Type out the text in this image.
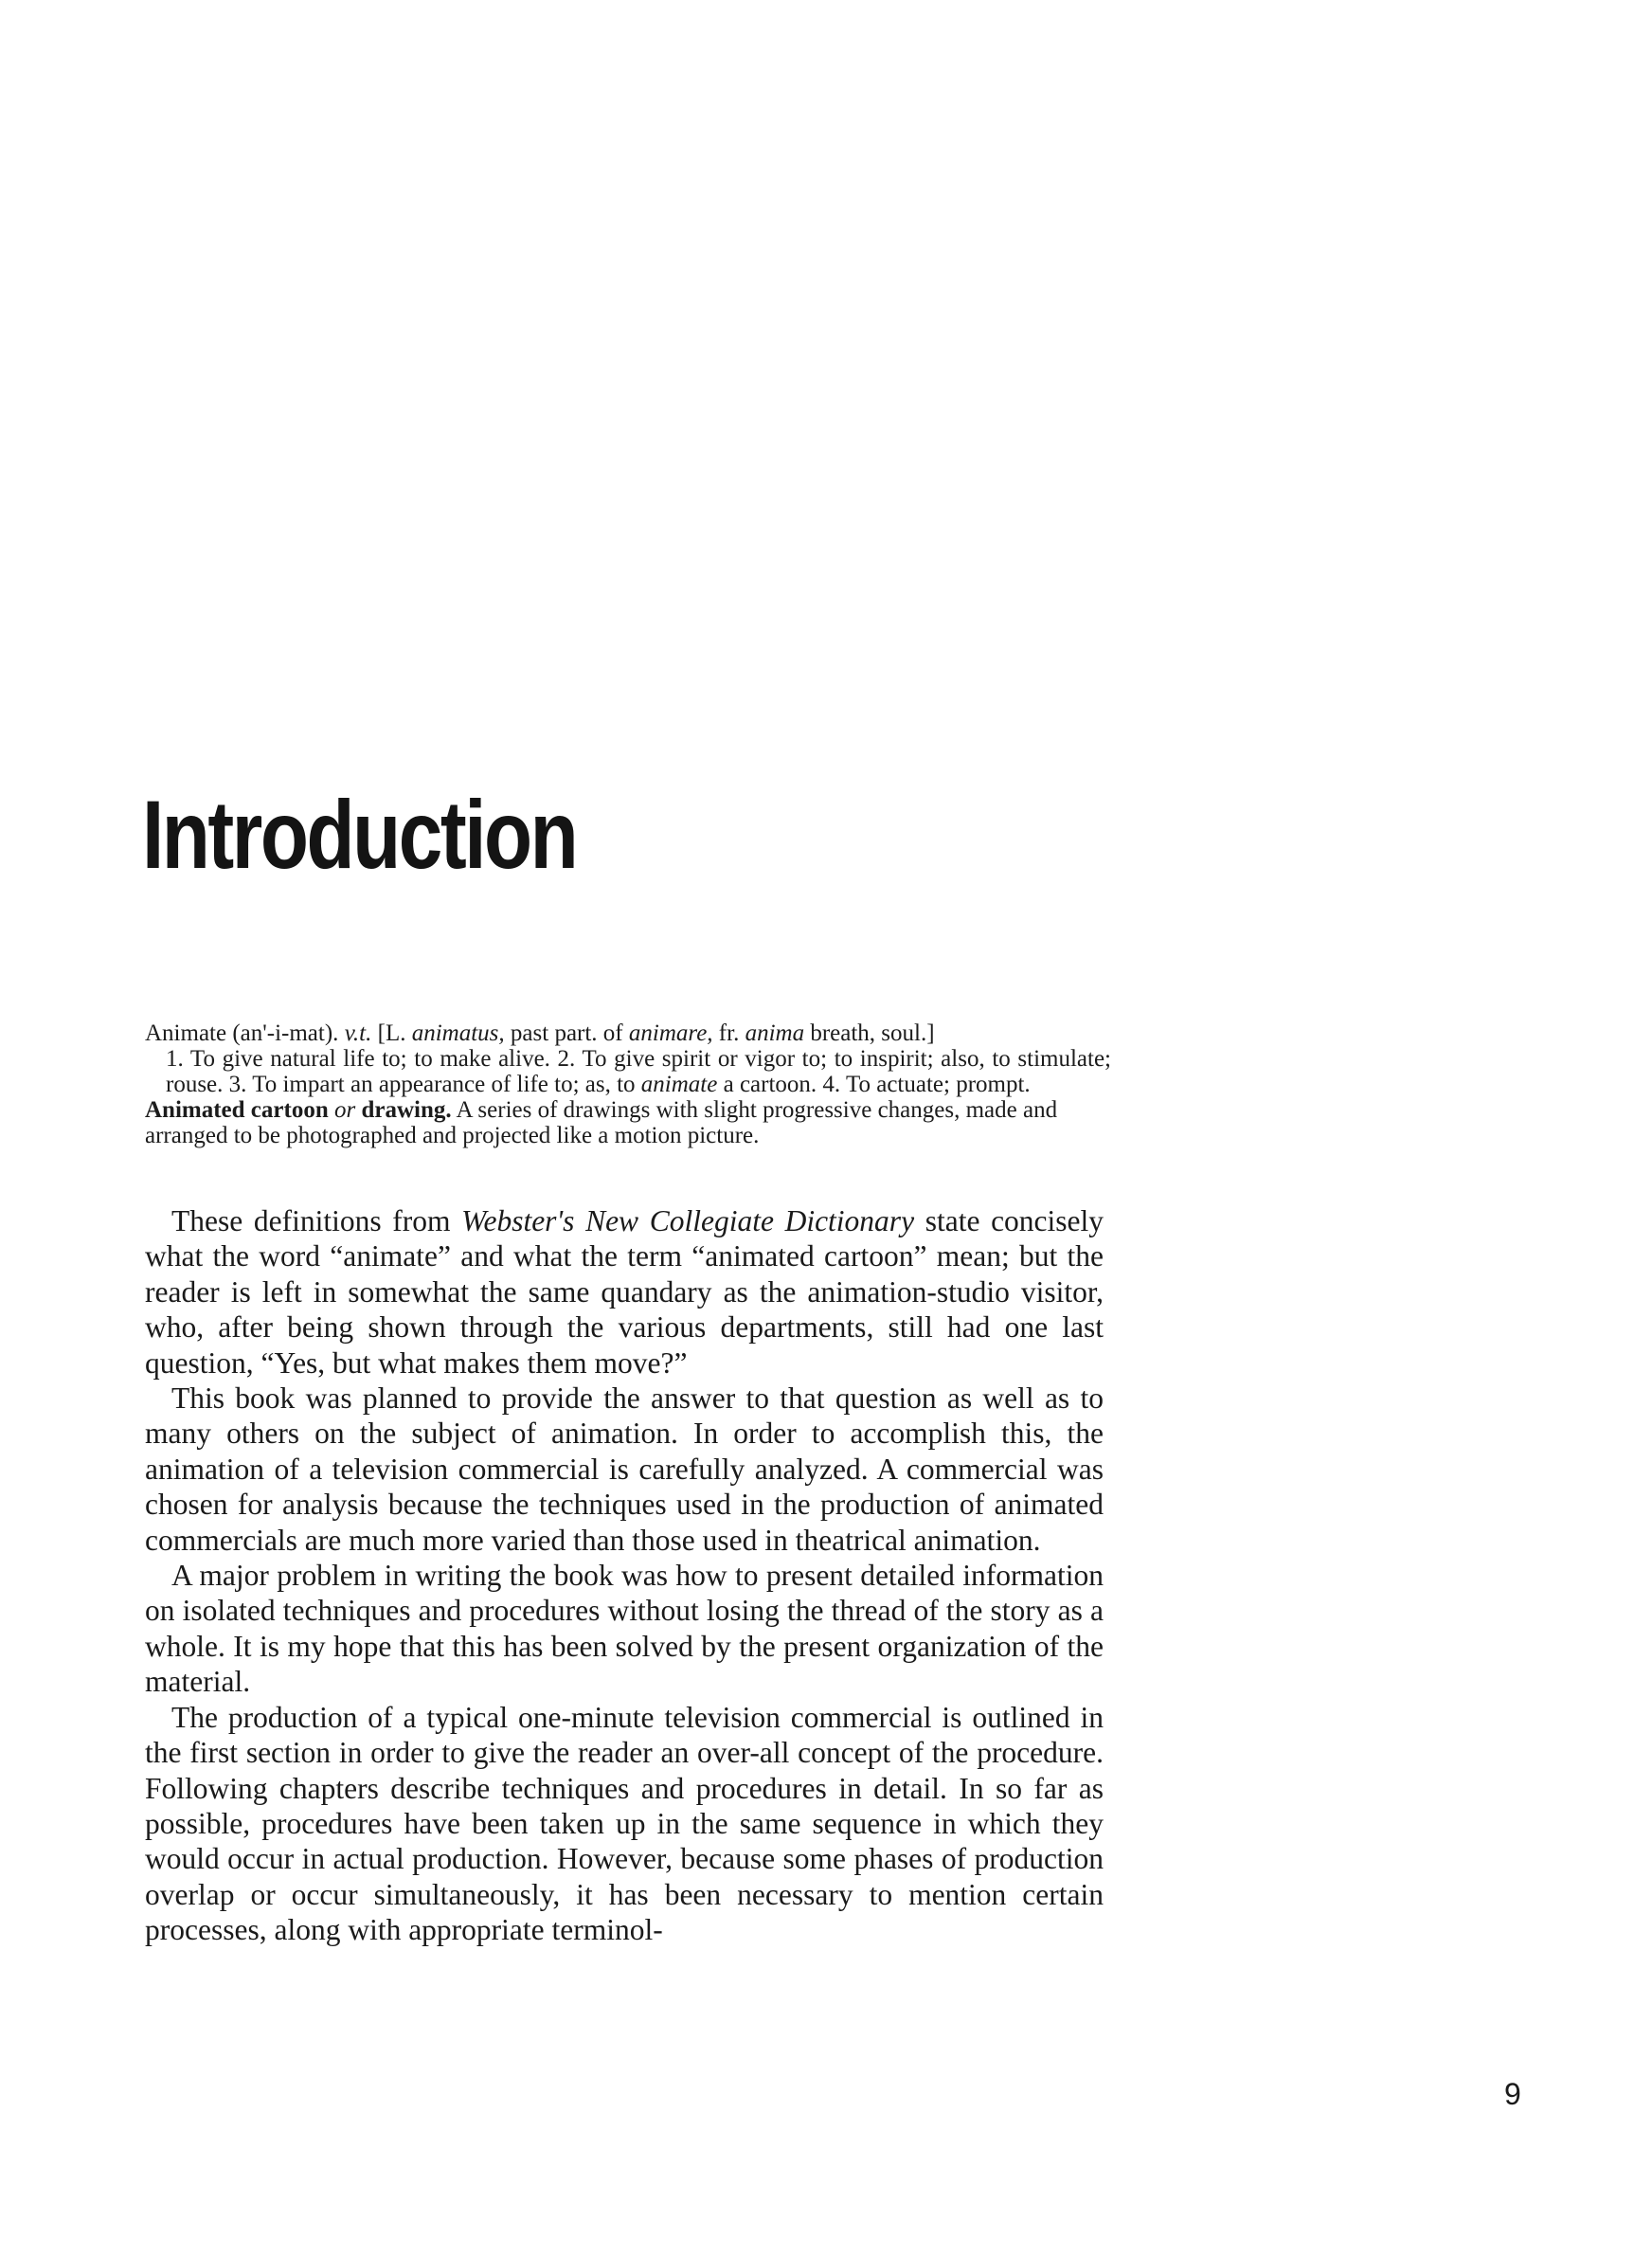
Introduction

Animate (an'-i-mat). v.t. [L. animatus, past part. of animare, fr. anima breath, soul.]

1. To give natural life to; to make alive. 2. To give spirit or vigor to; to inspirit; also, to stimulate; rouse. 3. To impart an appearance of life to; as, to animate a cartoon. 4. To actuate; prompt.

Animated cartoon or drawing. A series of drawings with slight progressive changes, made and arranged to be photographed and projected like a motion picture.

These definitions from Webster's New Collegiate Dictionary state concisely what the word “animate” and what the term “animated cartoon” mean; but the reader is left in somewhat the same quandary as the animation-studio visitor, who, after being shown through the various departments, still had one last question, “Yes, but what makes them move?”

This book was planned to provide the answer to that question as well as to many others on the subject of animation. In order to accomplish this, the animation of a television commercial is carefully analyzed. A commercial was chosen for analysis because the techniques used in the production of animated commercials are much more varied than those used in theatrical animation.

A major problem in writing the book was how to present detailed information on isolated techniques and procedures without losing the thread of the story as a whole. It is my hope that this has been solved by the present organization of the material.

The production of a typical one-minute television commercial is outlined in the first section in order to give the reader an over-all concept of the procedure. Following chapters describe techniques and procedures in detail. In so far as possible, procedures have been taken up in the same sequence in which they would occur in actual production. However, because some phases of production overlap or occur simultaneously, it has been necessary to mention certain processes, along with appropriate terminol-

9
